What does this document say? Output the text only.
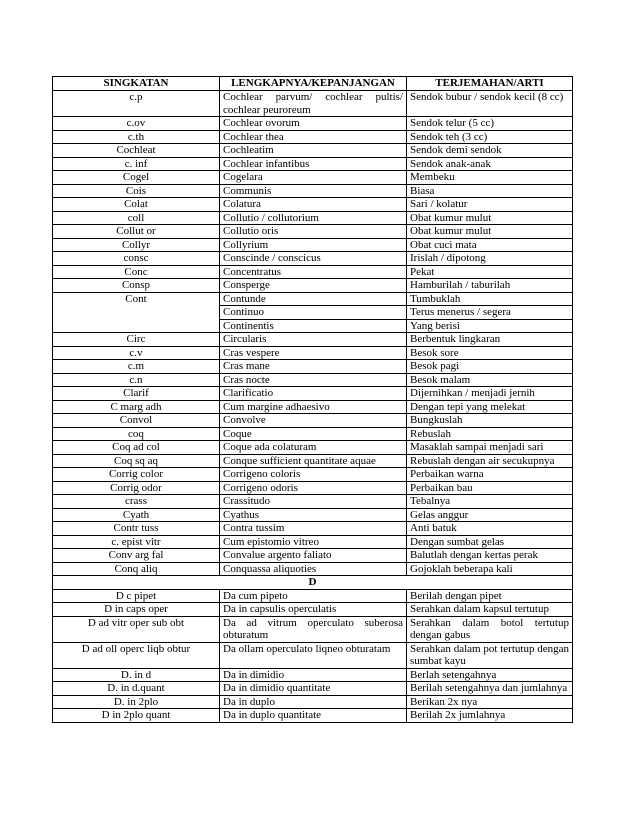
SINGKATAN	LENGKAPNYA/KEPANJANGAN	TERJEMAHAN/ARTI
c.p	Cochlear parvum/ cochlear pultis/ cochlear peuroreum	Sendok bubur / sendok kecil (8 cc)
c.ov	Cochlear ovorum	Sendok telur (5 cc)
c.th	Cochlear thea	Sendok teh (3 cc)
Cochleat	Cochleatim	Sendok demi sendok
c. inf	Cochlear infantibus	Sendok anak-anak
Cogel	Cogelara	Membeku
Cois	Communis	Biasa
Colat	Colatura	Sari / kolatur
coll	Collutio / collutorium	Obat kumur mulut
Collut or	Collutio oris	Obat kumur mulut
Collyr	Collyrium	Obat cuci mata
consc	Conscinde / conscicus	Irislah / dipotong
Conc	Concentratus	Pekat
Consp	Consperge	Hamburilah / taburilah
Cont	Contunde	Tumbuklah
	Continuo	Terus menerus / segera
	Continentis	Yang berisi
Circ	Circularis	Berbentuk lingkaran
c.v	Cras vespere	Besok sore
c.m	Cras mane	Besok pagi
c.n	Cras nocte	Besok malam
Clarif	Clarificatio	Dijernihkan / menjadi jernih
C marg adh	Cum margine adhaesivo	Dengan tepi yang melekat
Convol	Convolve	Bungkuslah
coq	Coque	Rebuslah
Coq ad col	Coque ada colaturam	Masaklah sampai menjadi sari
Coq sq aq	Conque sufficient quantitate aquae	Rebuslah dengan air secukupnya
Corrig color	Corrigeno coloris	Perbaikan warna
Corrig odor	Corrigeno odoris	Perbaikan bau
crass	Crassitudo	Tebalnya
Cyath	Cyathus	Gelas anggur
Contr tuss	Contra tussim	Anti batuk
c. epist vitr	Cum epistomio vitreo	Dengan sumbat gelas
Conv arg fal	Convalue argento faliato	Balutlah dengan kertas perak
Conq aliq	Conquassa aliquoties	Gojoklah beberapa kali
D		
D c pipet	Da cum pipeto	Berilah dengan pipet
D in caps oper	Da in capsulis operculatis	Serahkan dalam kapsul tertutup
D ad vitr oper sub obt	Da ad vitrum operculato suberosa obturatum	Serahkan dalam botol tertutup dengan gabus
D ad oll operc liqb obtur	Da ollam operculato liqneo obturatam	Serahkan dalam pot tertutup dengan sumbat kayu
D. in d	Da in dimidio	Berlah setengahnya
D. in d.quant	Da in dimidio quantitate	Berilah setengahnya dan jumlahnya
D. in 2plo	Da in duplo	Berikan 2x nya
D in 2plo quant	Da in duplo quantitate	Berilah 2x jumlahnya
